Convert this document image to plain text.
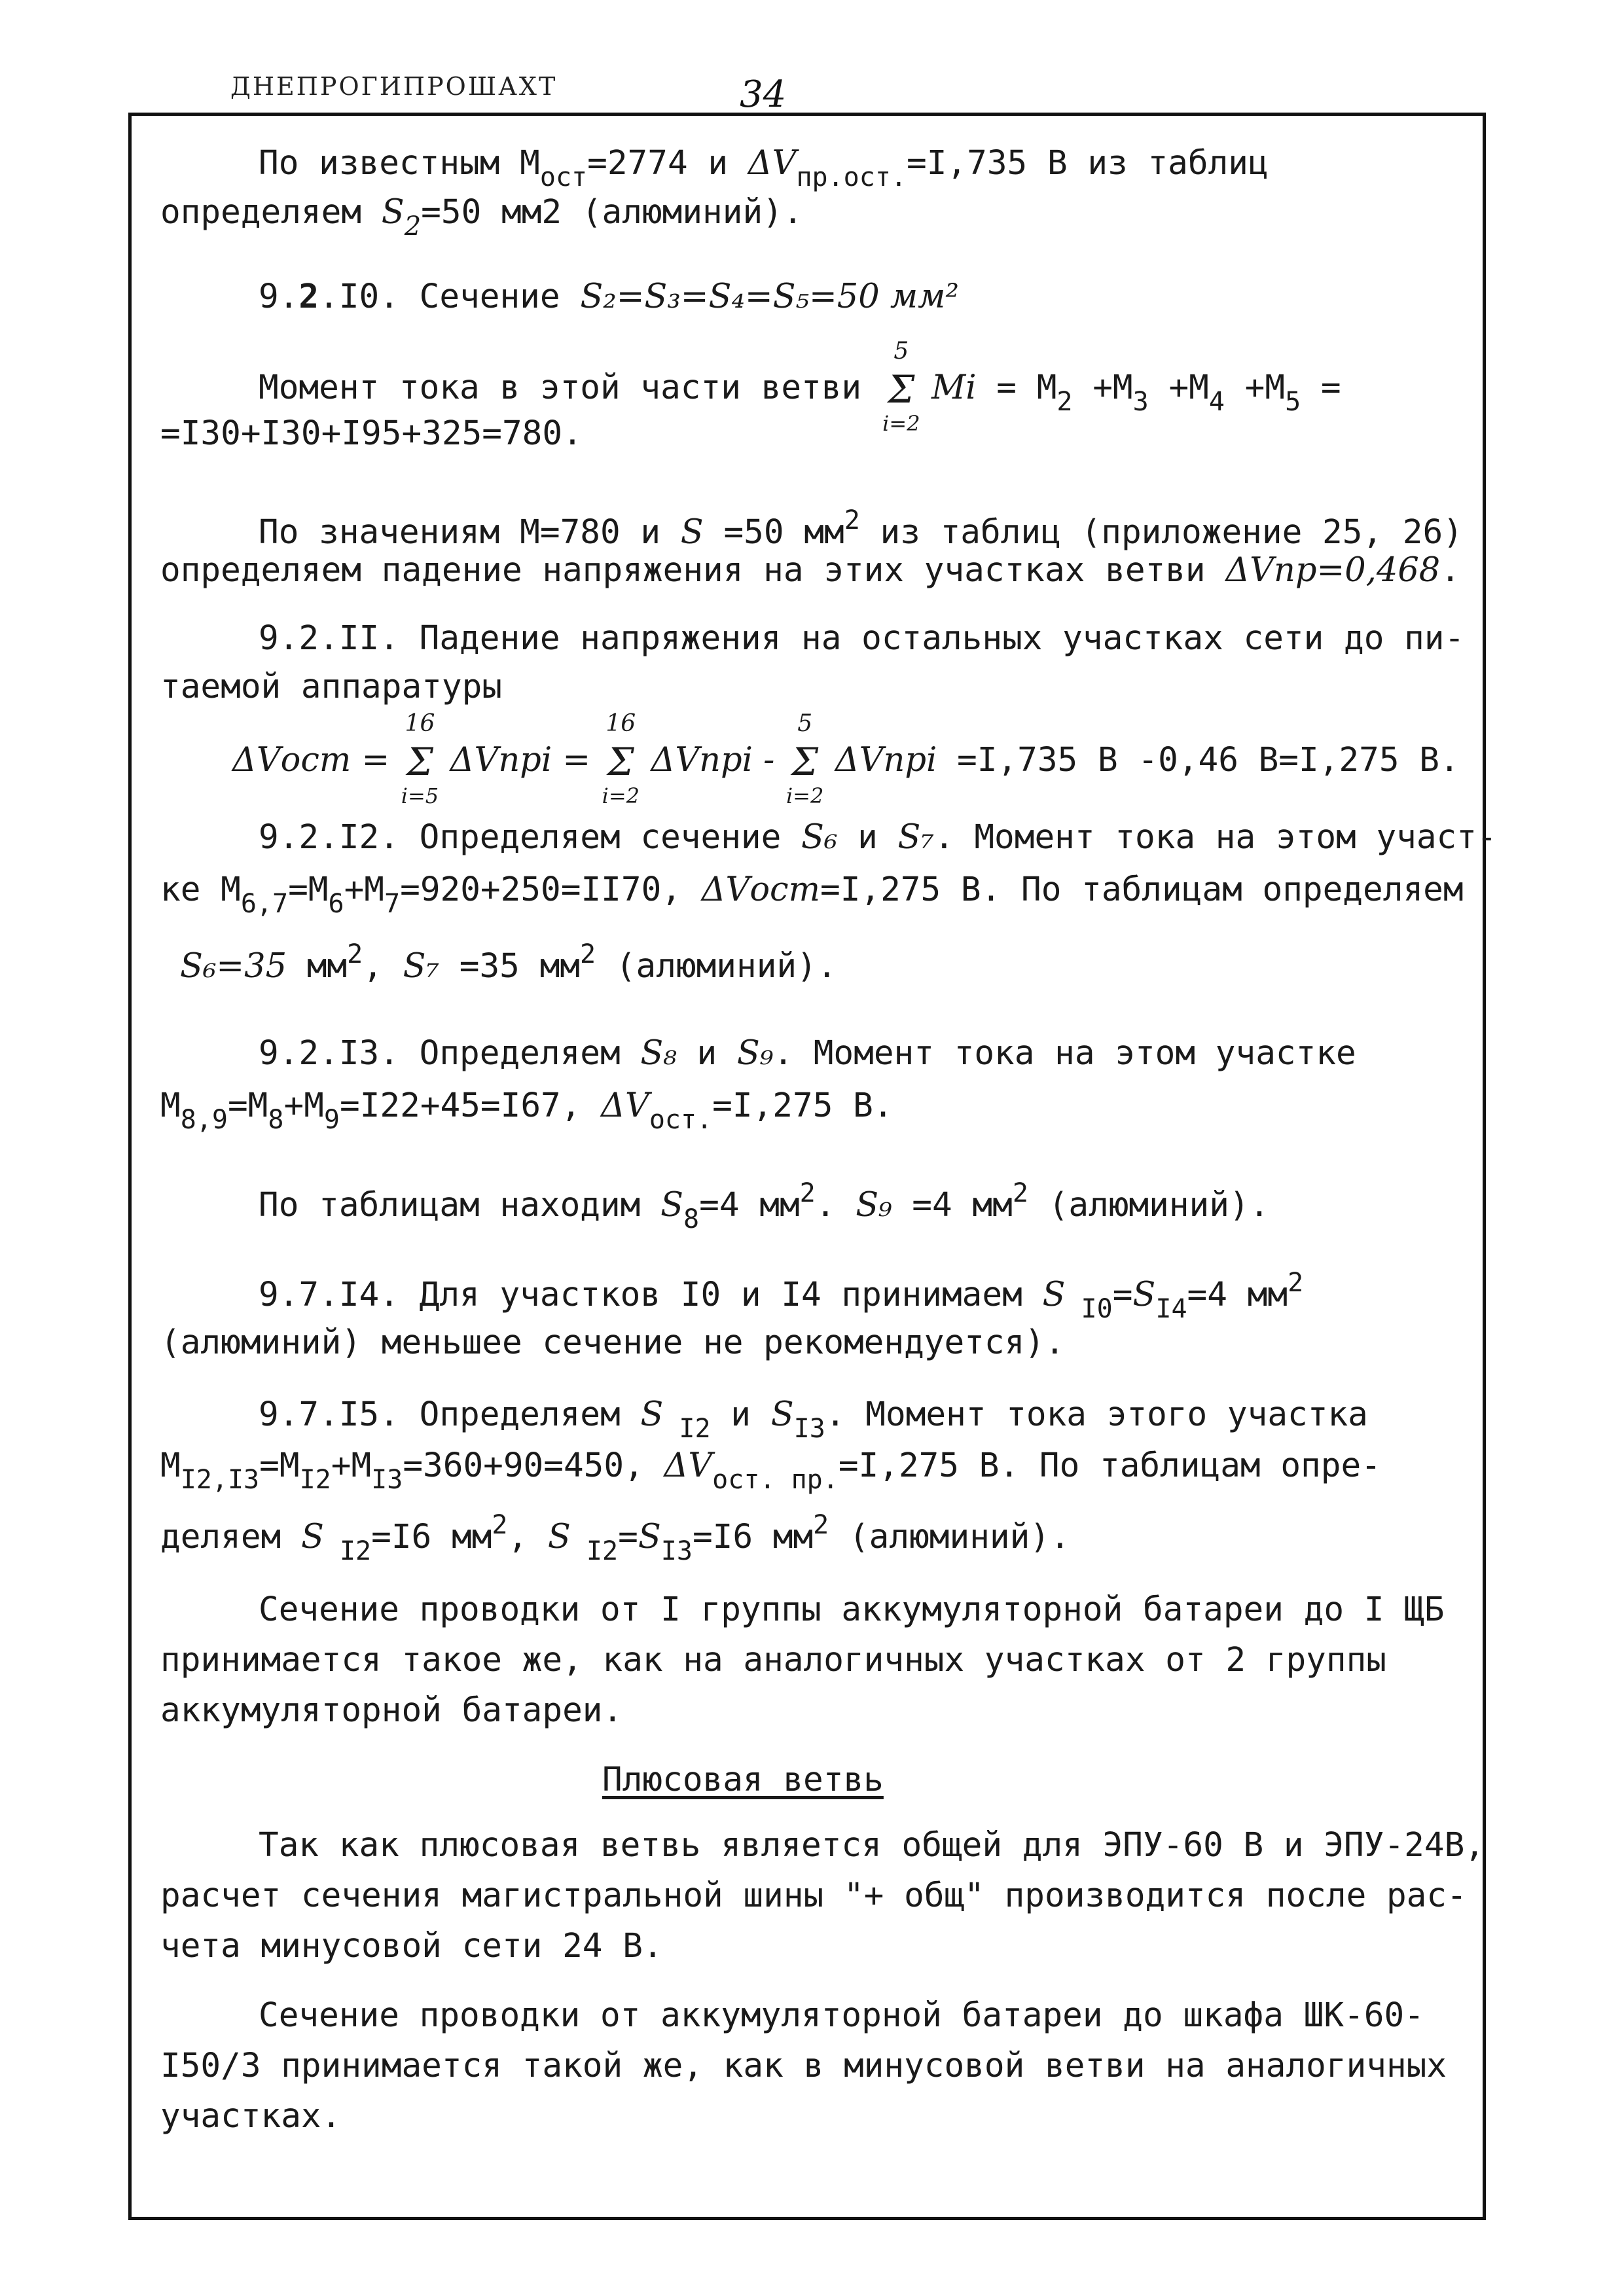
ДНЕПРОГИПРОШАХТ	34
По известным $M_{ост}=2774$ и $\Delta V_{пр.ост.}=I,735$ В из таблиц
определяем $S_2=50$ мм2 (алюминий).
9.2.I0. Сечение S₂=S₃=S₄=S₅=50 мм²
Момент тока в этой части ветви
5
Σ
i=2
$Mi = M_2 +M_3 +M_4 +M_5$ =
=I30+I30+I95+325=780.
По значениям М=780 и S =50 $мм^2$ из таблиц (приложение 25, 26)
определяем падение напряжения на этих участках ветви ΔVпр=0,468.
9.2.II. Падение напряжения на остальных участках сети до пи-
таемой аппаратуры
ΔVост =
16
Σ
i=5
ΔVпрi =
16
Σ
i=2
ΔVпрi -
5
Σ
i=2
ΔVпрi =I,735 В -0,46 В=I,275 В.
9.2.I2. Определяем сечение S₆ и S₇. Момент тока на этом участ-
ке $М_{6,7}=М_6+М_7=920+250=II70$, ΔVост=I,275 В. По таблицам определяем
S₆=35 $мм^2$, S₇ =35 $мм^2$ (алюминий).
9.2.I3. Определяем S₈ и S₉. Момент тока на этом участке
$М_{8,9}=М_8+М_9=I22+45=I67$, $\Delta V_{ост.}=I,275$ В.
По таблицам находим $S_8=4$ $мм^2$. S₉ =4 $мм^2$ (алюминий).
9.7.I4. Для участков I0 и I4 принимаем S $_{I0}=S_{I4}=4$ $мм^2$
(алюминий) меньшее сечение не рекомендуется).
9.7.I5. Определяем S $_{I2}$ и $S_{I3}$. Момент тока этого участка
$М_{I2,I3}=М_{I2}+М_{I3}=360+90=450$, $\Delta V_{ост. пр.}=I,275$ В. По таблицам опре-
деляем S $_{I2}$=I6 $мм^2$, S $_{I2}=S_{I3}=I6$ $мм^2$ (алюминий).
Сечение проводки от I группы аккумуляторной батареи до I ЩБ
принимается такое же, как на аналогичных участках от 2 группы
аккумуляторной батареи.
Плюсовая ветвь
Так как плюсовая ветвь является общей для ЭПУ-60 В и ЭПУ-24В,
расчет сечения магистральной шины "+ общ" производится после рас-
чета минусовой сети 24 В.
Сечение проводки от аккумуляторной батареи до шкафа ШК-60-
I50/3 принимается такой же, как в минусовой ветви на аналогичных
участках.
